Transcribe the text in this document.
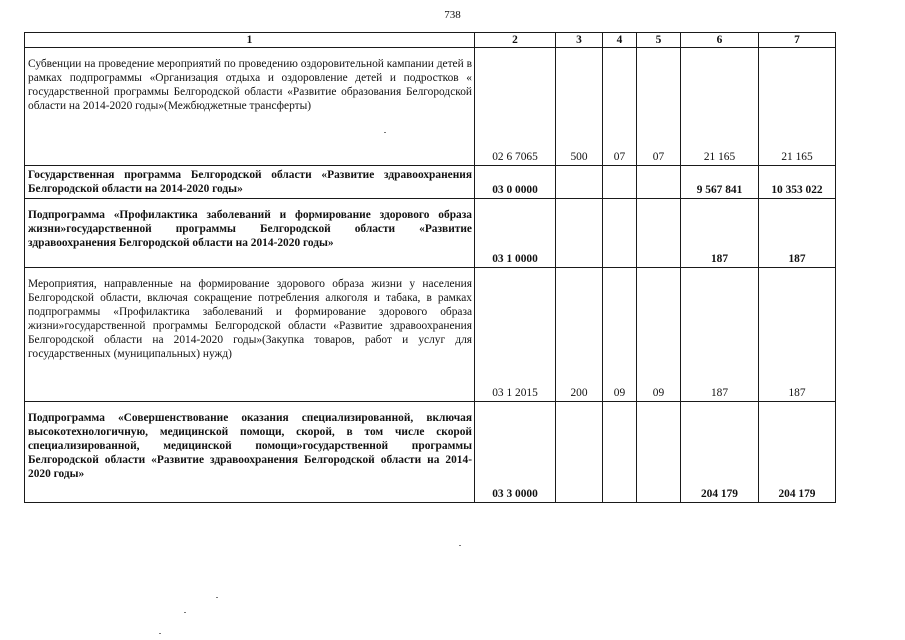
738
1	2	3	4	5	6	7
Субвенции на проведение мероприятий по проведению оздоровительной кампании детей в рамках подпрограммы «Организация отдыха и оздоровление детей и подростков « государственной программы Белгородской области «Развитие образования Белгородской области на 2014-2020 годы»(Межбюджетные трансферты)	02 6 7065	500	07	07	21 165	21 165
Государственная программа Белгородской области «Развитие здравоохранения Белгородской области на 2014-2020 годы»	03 0 0000				9 567 841	10 353 022
Подпрограмма «Профилактика заболеваний и формирование здорового образа жизни»государственной программы Белгородской области «Развитие здравоохранения Белгородской области на 2014-2020 годы»	03 1 0000				187	187
Мероприятия, направленные на формирование здорового образа жизни у населения Белгородской области, включая сокращение потребления алкоголя и табака, в рамках подпрограммы «Профилактика заболеваний и формирование здорового образа жизни»государственной программы Белгородской области «Развитие здравоохранения Белгородской области на 2014-2020 годы»(Закупка товаров, работ и услуг для государственных (муниципальных) нужд)	03 1 2015	200	09	09	187	187
Подпрограмма «Совершенствование оказания специализированной, включая высокотехнологичную, медицинской помощи, скорой, в том числе скорой специализированной, медицинской помощи»государственной программы Белгородской области «Развитие здравоохранения Белгородской области на 2014-2020 годы»	03 3 0000				204 179	204 179
